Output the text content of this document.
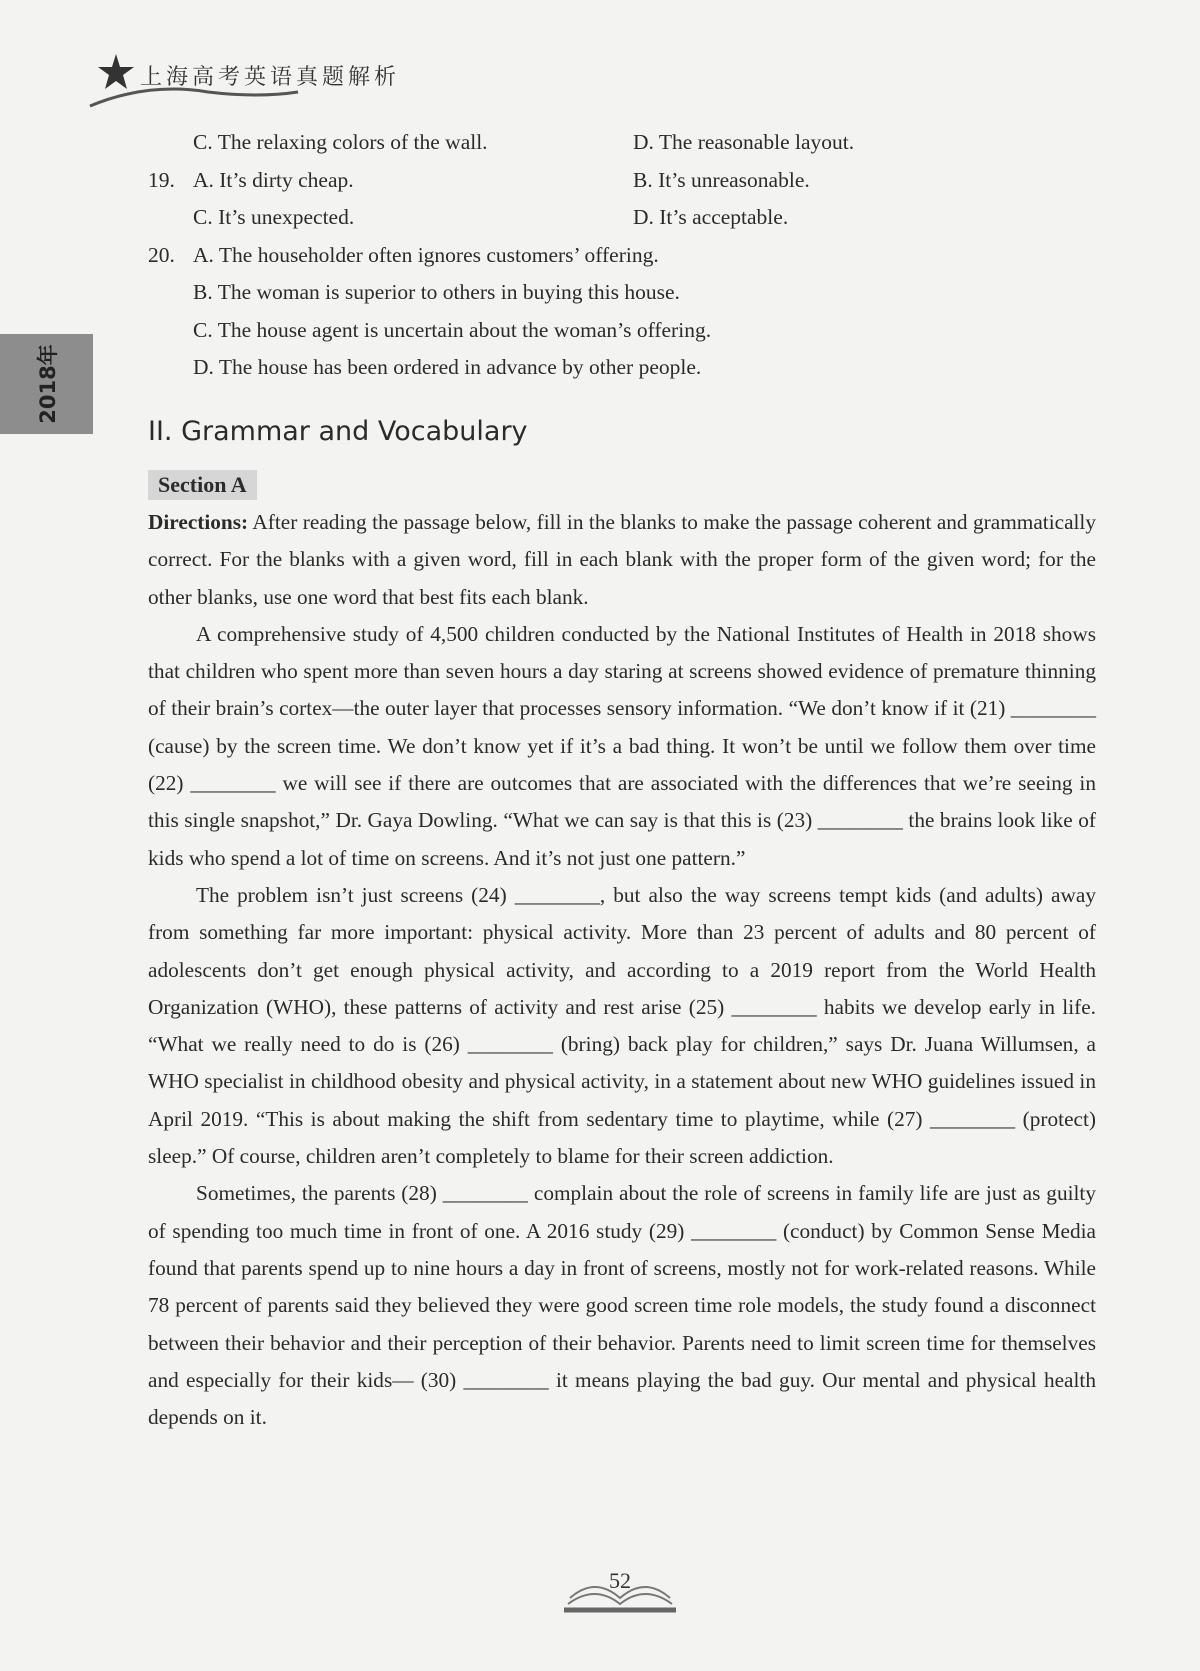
上海高考英语真题解析
2018年
C. The relaxing colors of the wall.	D. The reasonable layout.
19. A. It’s dirty cheap.	B. It’s unreasonable.
C. It’s unexpected.	D. It’s acceptable.
20. A. The householder often ignores customers’ offering.
B. The woman is superior to others in buying this house.
C. The house agent is uncertain about the woman’s offering.
D. The house has been ordered in advance by other people.
II. Grammar and Vocabulary
Section A

Directions: After reading the passage below, fill in the blanks to make the passage coherent and grammatically correct. For the blanks with a given word, fill in each blank with the proper form of the given word; for the other blanks, use one word that best fits each blank.

A comprehensive study of 4,500 children conducted by the National Institutes of Health in 2018 shows that children who spent more than seven hours a day staring at screens showed evidence of premature thinning of their brain’s cortex—the outer layer that processes sensory information. “We don’t know if it (21) ________ (cause) by the screen time. We don’t know yet if it’s a bad thing. It won’t be until we follow them over time (22) ________ we will see if there are outcomes that are associated with the differences that we’re seeing in this single snapshot,” Dr. Gaya Dowling. “What we can say is that this is (23) ________ the brains look like of kids who spend a lot of time on screens. And it’s not just one pattern.”

The problem isn’t just screens (24) ________, but also the way screens tempt kids (and adults) away from something far more important: physical activity. More than 23 percent of adults and 80 percent of adolescents don’t get enough physical activity, and according to a 2019 report from the World Health Organization (WHO), these patterns of activity and rest arise (25) ________ habits we develop early in life. “What we really need to do is (26) ________ (bring) back play for children,” says Dr. Juana Willumsen, a WHO specialist in childhood obesity and physical activity, in a statement about new WHO guidelines issued in April 2019. “This is about making the shift from sedentary time to playtime, while (27) ________ (protect) sleep.” Of course, children aren’t completely to blame for their screen addiction.

Sometimes, the parents (28) ________ complain about the role of screens in family life are just as guilty of spending too much time in front of one. A 2016 study (29) ________ (conduct) by Common Sense Media found that parents spend up to nine hours a day in front of screens, mostly not for work-related reasons. While 78 percent of parents said they believed they were good screen time role models, the study found a disconnect between their behavior and their perception of their behavior. Parents need to limit screen time for themselves and especially for their kids— (30) ________ it means playing the bad guy. Our mental and physical health depends on it.

52
